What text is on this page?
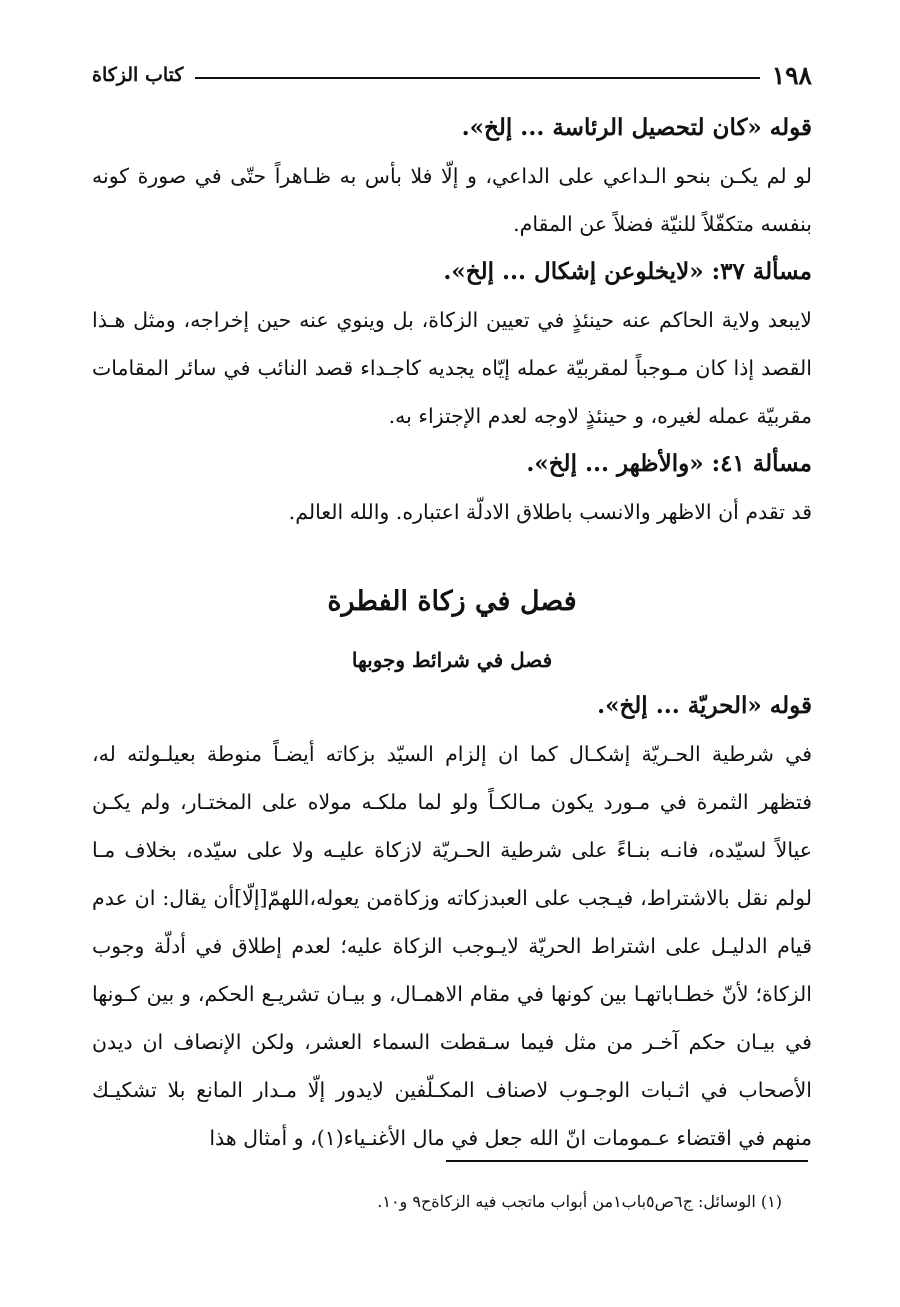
١٩٨
كتاب الزكاة

قوله «كان لتحصيل الرئاسة ... إلخ».

لو لم يكـن بنحو الـداعي على الداعي، و إلّا فلا بأس به ظـاهراً حتّى في صورة كونه بنفسه متكفّلاً للنيّة فضلاً عن المقام.

مسألة ٣٧: «لايخلوعن إشكال ... إلخ».

لايبعد ولاية الحاكم عنه حينئذٍ في تعيين الزكاة، بل وينوي عنه حين إخراجه، ومثل هـذا القصد إذا كان مـوجباً لمقربيّة عمله إيّاه يجديه كاجـداء قصد النائب في سائر المقامات مقربيّة عمله لغيره، و حينئذٍ لاوجه لعدم الإجتزاء به.

مسألة ٤١: «والأظهر ... إلخ».

قد تقدم أن الاظهر والانسب باطلاق الادلّة اعتباره. والله العالم.

فصل في زكاة الفطرة
فصل في شرائط وجوبها

قوله «الحريّة ... إلخ».

في شرطية الحـريّة إشكـال كما ان إلزام السيّد بزكاته أيضـاً منوطة بعيلـولته له، فتظهر الثمرة في مـورد يكون مـالكـاً ولو لما ملكـه مولاه على المختـار، ولم يكـن عيالاً لسيّده، فانـه بنـاءً على شرطية الحـريّة لازكاة عليـه ولا على سيّده، بخلاف مـا لولم نقل بالاشتراط، فيـجب على العبدزكاته وزكاةمن يعوله،اللهمّ[إلّا]أن يقال: ان عدم قيام الدليـل على اشتراط الحريّة لايـوجب الزكاة عليه؛ لعدم إطلاق في أدلّة وجوب الزكاة؛ لأنّ خطـاباتهـا بين كونها في مقام الاهمـال، و بيـان تشريـع الحكم، و بين كـونها في بيـان حكم آخـر من مثل فيما سـقطت السماء العشر، ولكن الإنصاف ان ديدن الأصحاب في اثـبات الوجـوب لاصناف المكـلّفين لايدور إلّا مـدار المانع بلا تشكيـك منهم في اقتضاء عـمومات انّ الله جعل في مال الأغنـياء(١)، و أمثال هذا

(١) الوسائل: ج٦ص٥باب١من أبواب ماتجب فيه الزكاةح٩ و١٠.
